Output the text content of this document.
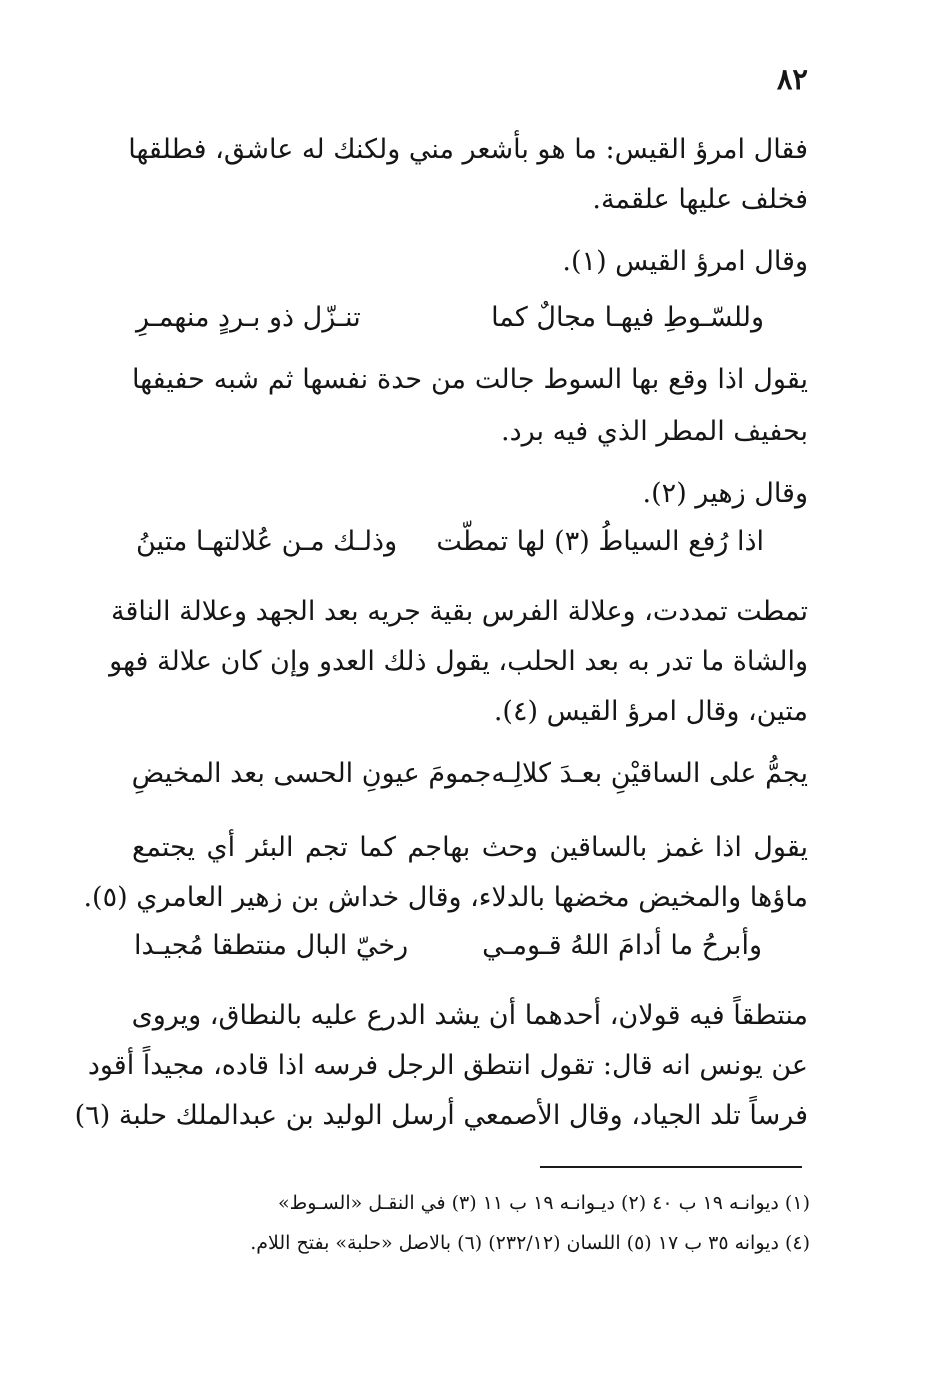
٨٢
فقال امرؤ القيس: ما هو بأشعر مني ولكنك له عاشق، فطلقها
فخلف عليها علقمة.
وقال امرؤ القيس (١).
وللسّـوطِ فيهـا مجالٌ كما
تنـزّل ذو بـردٍ منهمـرِ
يقول اذا وقع بها السوط جالت من حدة نفسها ثم شبه حفيفها
بحفيف المطر الذي فيه برد.
وقال زهير (٢).
اذا رُفع السياطُ (٣) لها تمطّت
وذلـك مـن عُلالتهـا متينُ
تمطت تمددت، وعلالة الفرس بقية جريه بعد الجهد وعلالة الناقة
والشاة ما تدر به بعد الحلب، يقول ذلك العدو وإن كان علالة فهو
متين، وقال امرؤ القيس (٤).
يجمُّ على الساقيْنِ بعـدَ كلالِـه
جمومَ عيونِ الحسى بعد المخيضِ
يقول اذا غمز بالساقين وحث بهاجم كما تجم البئر أي يجتمع
ماؤها والمخيض مخضها بالدلاء، وقال خداش بن زهير العامري (٥).
وأبرحُ ما أدامَ اللهُ قـومـي
رخيّ البال منتطقا مُجيـدا
منتطقاً فيه قولان، أحدهما أن يشد الدرع عليه بالنطاق، ويروى
عن يونس انه قال: تقول انتطق الرجل فرسه اذا قاده، مجيداً أقود
فرساً تلد الجياد، وقال الأصمعي أرسل الوليد بن عبدالملك حلبة (٦)
(١) ديوانـه ١٩ ب ٤٠ (٢) ديـوانـه ١٩ ب ١١ (٣) في النقـل «السـوط»
(٤) ديوانه ٣٥ ب ١٧ (٥) اللسان (٢٣٢/١٢) (٦) بالاصل «حلبة» بفتح اللام.
